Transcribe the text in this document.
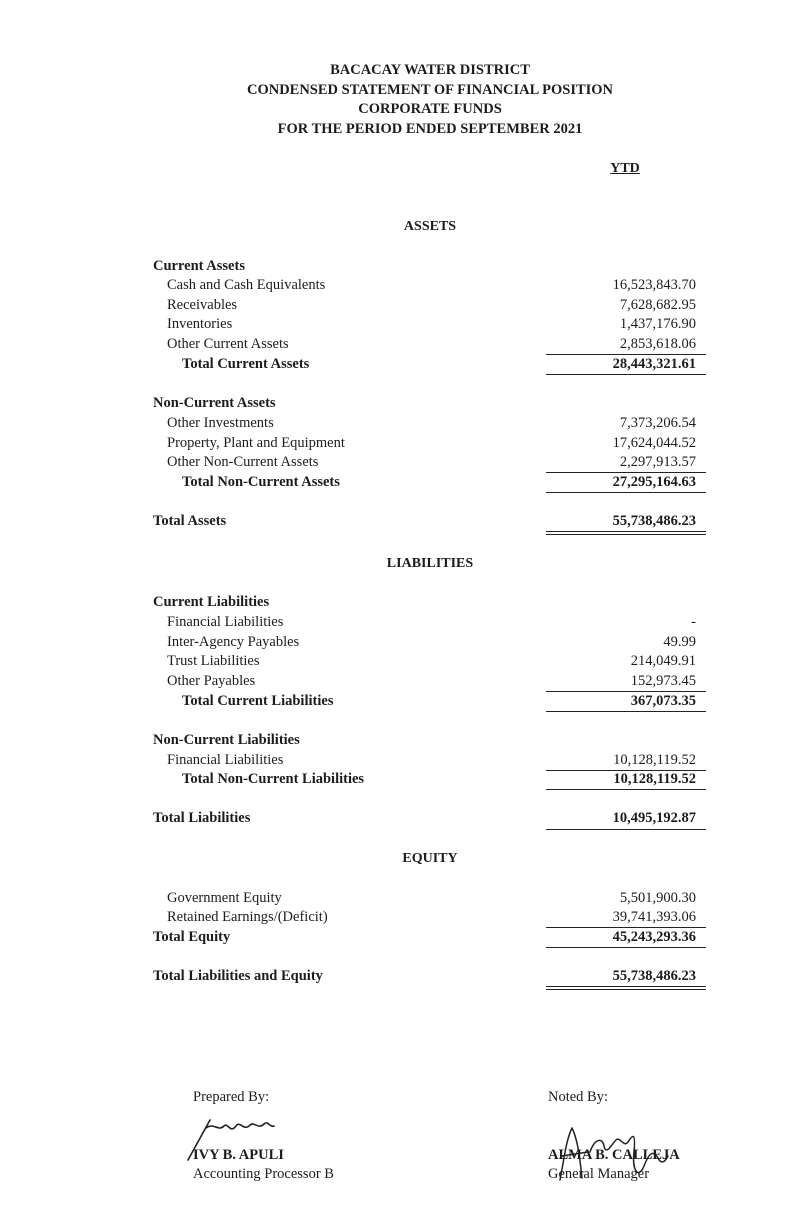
BACACAY WATER DISTRICT
CONDENSED STATEMENT OF FINANCIAL POSITION
CORPORATE FUNDS
FOR THE PERIOD ENDED SEPTEMBER 2021
YTD
ASSETS
Current Assets
Cash and Cash Equivalents	16,523,843.70
Receivables	7,628,682.95
Inventories	1,437,176.90
Other Current Assets	2,853,618.06
Total Current Assets	28,443,321.61
Non-Current Assets
Other Investments	7,373,206.54
Property, Plant and Equipment	17,624,044.52
Other Non-Current Assets	2,297,913.57
Total Non-Current Assets	27,295,164.63
Total Assets	55,738,486.23
LIABILITIES
Current Liabilities
Financial Liabilities	-
Inter-Agency Payables	49.99
Trust Liabilities	214,049.91
Other Payables	152,973.45
Total Current Liabilities	367,073.35
Non-Current Liabilities
Financial Liabilities	10,128,119.52
Total Non-Current Liabilities	10,128,119.52
Total Liabilities	10,495,192.87
EQUITY
Government Equity	5,501,900.30
Retained Earnings/(Deficit)	39,741,393.06
Total Equity	45,243,293.36
Total Liabilities and Equity	55,738,486.23
Prepared By:
IVY B. APULI
Accounting Processor B
Noted By:
ALMA B. CALLEJA
General Manager
